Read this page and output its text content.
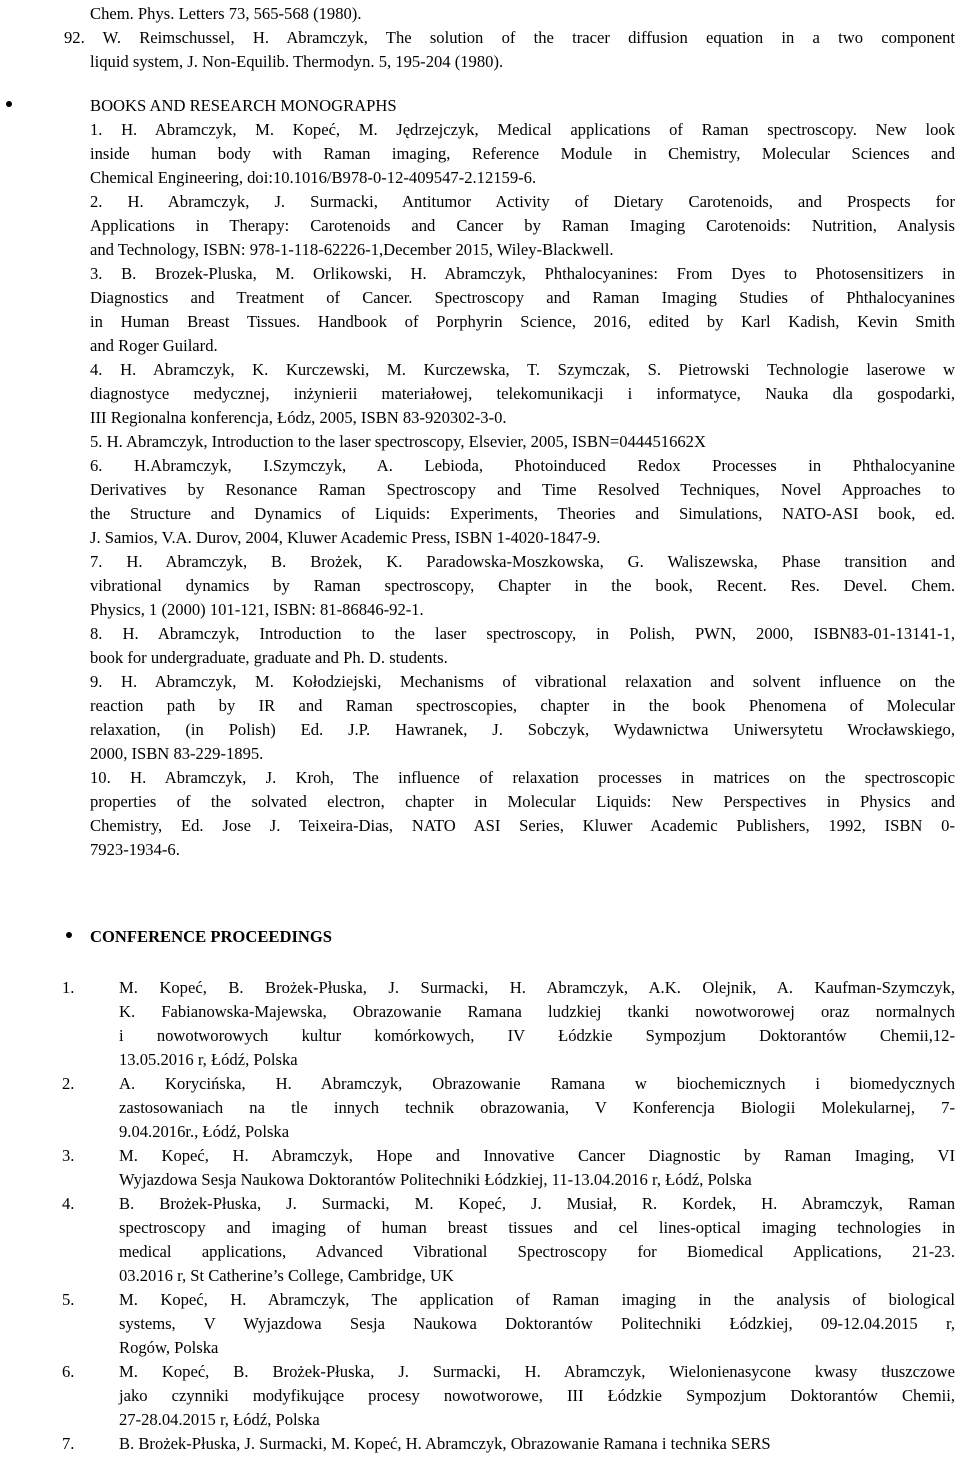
Chem. Phys. Letters 73, 565-568 (1980).
92. W. Reimschussel, H. Abramczyk, The solution of the tracer diffusion equation in a two component
liquid system, J. Non-Equilib. Thermodyn. 5, 195-204 (1980).
BOOKS AND RESEARCH MONOGRAPHS
1. H. Abramczyk, M. Kopeć, M. Jędrzejczyk, Medical applications of Raman spectroscopy. New look
inside human body with Raman imaging, Reference Module in Chemistry, Molecular Sciences and
Chemical Engineering, doi:10.1016/B978-0-12-409547-2.12159-6.
2. H. Abramczyk, J. Surmacki, Antitumor Activity of Dietary Carotenoids, and Prospects for
Applications in Therapy: Carotenoids and Cancer by Raman Imaging Carotenoids: Nutrition, Analysis
and Technology, ISBN: 978-1-118-62226-1,December 2015, Wiley-Blackwell.
3. B. Brozek-Pluska, M. Orlikowski, H. Abramczyk, Phthalocyanines: From Dyes to Photosensitizers in
Diagnostics and Treatment of Cancer. Spectroscopy and Raman Imaging Studies of Phthalocyanines
in Human Breast Tissues. Handbook of Porphyrin Science, 2016, edited by Karl Kadish, Kevin Smith
and Roger Guilard.
4. H. Abramczyk, K. Kurczewski, M. Kurczewska, T. Szymczak, S. Pietrowski Technologie laserowe w
diagnostyce medycznej, inżynierii materiałowej, telekomunikacji i informatyce, Nauka dla gospodarki,
III Regionalna konferencja, Łódz, 2005, ISBN 83-920302-3-0.
5. H. Abramczyk, Introduction to the laser spectroscopy, Elsevier, 2005, ISBN=044451662X
6. H.Abramczyk, I.Szymczyk, A. Lebioda, Photoinduced Redox Processes in Phthalocyanine
Derivatives by Resonance Raman Spectroscopy and Time Resolved Techniques, Novel Approaches to
the Structure and Dynamics of Liquids: Experiments, Theories and Simulations, NATO-ASI book, ed.
J. Samios, V.A. Durov, 2004, Kluwer Academic Press, ISBN 1-4020-1847-9.
7. H. Abramczyk, B. Brożek, K. Paradowska-Moszkowska, G. Waliszewska, Phase transition and
vibrational dynamics by Raman spectroscopy, Chapter in the book, Recent. Res. Devel. Chem.
Physics, 1 (2000) 101-121, ISBN: 81-86846-92-1.
8. H. Abramczyk, Introduction to the laser spectroscopy, in Polish, PWN, 2000, ISBN83-01-13141-1,
book for undergraduate, graduate and Ph. D. students.
9. H. Abramczyk, M. Kołodziejski, Mechanisms of vibrational relaxation and solvent influence on the
reaction path by IR and Raman spectroscopies, chapter in the book Phenomena of Molecular
relaxation, (in Polish) Ed. J.P. Hawranek, J. Sobczyk, Wydawnictwa Uniwersytetu Wrocławskiego,
2000, ISBN 83-229-1895.
10. H. Abramczyk, J. Kroh, The influence of relaxation processes in matrices on the spectroscopic
properties of the solvated electron, chapter in Molecular Liquids: New Perspectives in Physics and
Chemistry, Ed. Jose J. Teixeira-Dias, NATO ASI Series, Kluwer Academic Publishers, 1992, ISBN 0-
7923-1934-6.
CONFERENCE PROCEEDINGS
1.	M. Kopeć, B. Brożek-Płuska, J. Surmacki, H. Abramczyk, A.K. Olejnik, A. Kaufman-Szymczyk,
K. Fabianowska-Majewska, Obrazowanie Ramana ludzkiej tkanki nowotworowej oraz normalnych
i nowotworowych kultur komórkowych, IV Łódzkie Sympozjum Doktorantów Chemii,12-
13.05.2016 r, Łódź, Polska
2.	A. Korycińska, H. Abramczyk, Obrazowanie Ramana w biochemicznych i biomedycznych
zastosowaniach na tle innych technik obrazowania, V Konferencja Biologii Molekularnej, 7-
9.04.2016r., Łódź, Polska
3.	M. Kopeć, H. Abramczyk, Hope and Innovative Cancer Diagnostic by Raman Imaging, VI
Wyjazdowa Sesja Naukowa Doktorantów Politechniki Łódzkiej, 11-13.04.2016 r, Łódź, Polska
4.	B. Brożek-Płuska, J. Surmacki, M. Kopeć, J. Musiał, R. Kordek, H. Abramczyk, Raman
spectroscopy and imaging of human breast tissues and cel lines-optical imaging technologies in
medical applications, Advanced Vibrational Spectroscopy for Biomedical Applications, 21-23.
03.2016 r, St Catherine’s College, Cambridge, UK
5.	M. Kopeć, H. Abramczyk, The application of Raman imaging in the analysis of biological
systems, V Wyjazdowa Sesja Naukowa Doktorantów Politechniki Łódzkiej, 09-12.04.2015 r,
Rogów, Polska
6.	M. Kopeć, B. Brożek-Płuska, J. Surmacki, H. Abramczyk, Wielonienasycone kwasy tłuszczowe
jako czynniki modyfikujące procesy nowotworowe, III Łódzkie Sympozjum Doktorantów Chemii,
27-28.04.2015 r, Łódź, Polska
7.	B. Brożek-Płuska, J. Surmacki, M. Kopeć, H. Abramczyk, Obrazowanie Ramana i technika SERS
